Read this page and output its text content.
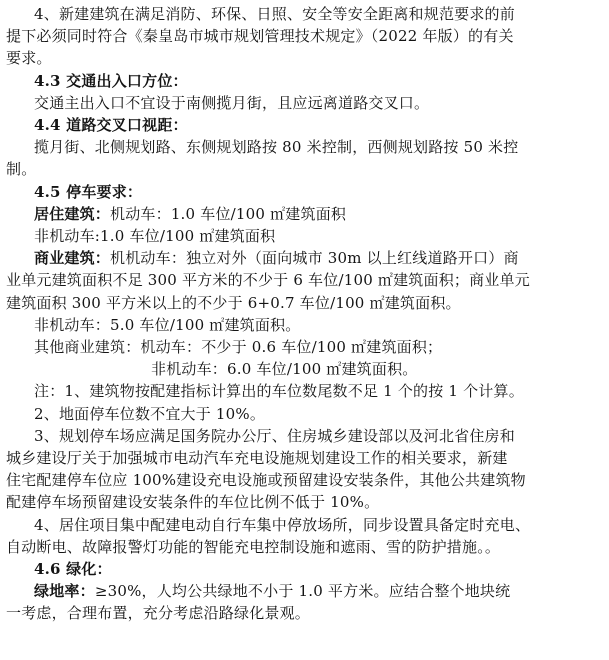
4、新建建筑在满足消防、环保、日照、安全等安全距离和规范要求的前
提下必须同时符合《秦皇岛市城市规划管理技术规定》（2022 年版）的有关
要求。
4.3 交通出入口方位：
交通主出入口不宜设于南侧揽月街，且应远离道路交叉口。
4.4 道路交叉口视距：
揽月街、北侧规划路、东侧规划路按 80 米控制，西侧规划路按 50 米控
制。
4.5 停车要求：
居住建筑：机动车：1.0 车位/100 ㎡建筑面积
非机动车:1.0 车位/100 ㎡建筑面积
商业建筑：机机动车：独立对外（面向城市 30m 以上红线道路开口）商
业单元建筑面积不足 300 平方米的不少于 6 车位/100 ㎡建筑面积；商业单元
建筑面积 300 平方米以上的不少于 6+0.7 车位/100 ㎡建筑面积。
非机动车：5.0 车位/100 ㎡建筑面积。
其他商业建筑：机动车：不少于 0.6 车位/100 ㎡建筑面积；
非机动车：6.0 车位/100 ㎡建筑面积。
注：1、建筑物按配建指标计算出的车位数尾数不足 1 个的按 1 个计算。
2、地面停车位数不宜大于 10%。
3、规划停车场应满足国务院办公厅、住房城乡建设部以及河北省住房和
城乡建设厅关于加强城市电动汽车充电设施规划建设工作的相关要求，新建
住宅配建停车位应 100%建设充电设施或预留建设安装条件，其他公共建筑物
配建停车场预留建设安装条件的车位比例不低于 10%。
4、居住项目集中配建电动自行车集中停放场所，同步设置具备定时充电、
自动断电、故障报警灯功能的智能充电控制设施和遮雨、雪的防护措施。。
4.6 绿化：
绿地率：≥30%，人均公共绿地不小于 1.0 平方米。应结合整个地块统
一考虑，合理布置，充分考虑沿路绿化景观。
